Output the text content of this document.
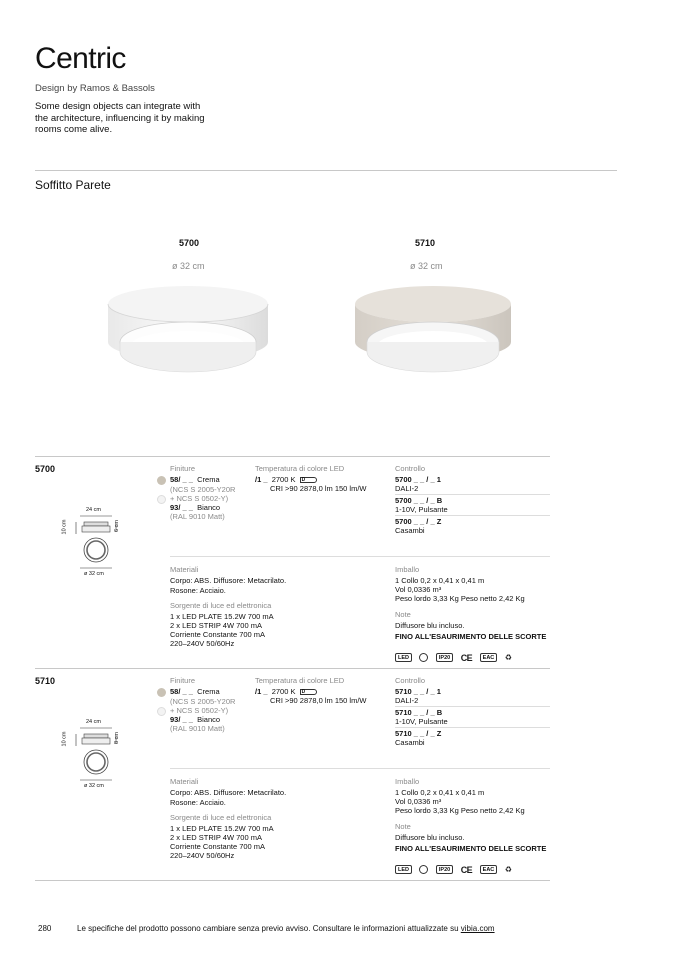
Centric
Design by Ramos & Bassols
Some design objects can integrate with the architecture, influencing it by making rooms come alive.
Soffitto Parete
5700
ø 32 cm
5710
ø 32 cm
5700
24 cm
10 cm	6 cm
ø 32 cm
Finiture
58/ _ _ Crema
(NCS S 2005-Y20R
+ NCS S 0502-Y)
93/ _ _ Bianco
(RAL 9010 Matt)
Temperatura di colore LED
/1 _ 2700 K D
CRI >90 2878,0 lm 150 lm/W
Controllo
5700 _ _ / _ 1
DALI-2
5700 _ _ / _ B
1-10V, Pulsante
5700 _ _ / _ Z
Casambi
Materiali
Corpo: ABS. Diffusore: Metacrilato.
Rosone: Acciaio.
Sorgente di luce ed elettronica
1 x LED PLATE 15.2W 700 mA
2 x LED STRIP 4W 700 mA
Corriente Constante 700 mA
220–240V 50/60Hz
Imballo
1 Collo 0,2 x 0,41 x 0,41 m
Vol 0,0336 m³
Peso lordo 3,33 Kg Peso netto 2,42 Kg
Note
Diffusore blu incluso.
FINO ALL'ESAURIMENTO DELLE SCORTE
LED	IP20 CE EAC ♻
5710
24 cm
10 cm	8 cm
ø 32 cm
Finiture
58/ _ _ Crema
(NCS S 2005-Y20R
+ NCS S 0502-Y)
93/ _ _ Bianco
(RAL 9010 Matt)
Temperatura di colore LED
/1 _ 2700 K D
CRI >90 2878,0 lm 150 lm/W
Controllo
5710 _ _ / _ 1
DALI-2
5710 _ _ / _ B
1-10V, Pulsante
5710 _ _ / _ Z
Casambi
Materiali
Corpo: ABS. Diffusore: Metacrilato.
Rosone: Acciaio.
Sorgente di luce ed elettronica
1 x LED PLATE 15.2W 700 mA
2 x LED STRIP 4W 700 mA
Corriente Constante 700 mA
220–240V 50/60Hz
Imballo
1 Collo 0,2 x 0,41 x 0,41 m
Vol 0,0336 m³
Peso lordo 3,33 Kg Peso netto 2,42 Kg
Note
Diffusore blu incluso.
FINO ALL'ESAURIMENTO DELLE SCORTE
LED	IP20 CE EAC ♻
280	Le specifiche del prodotto possono cambiare senza previo avviso. Consultare le informazioni attualizzate su vibia.com
